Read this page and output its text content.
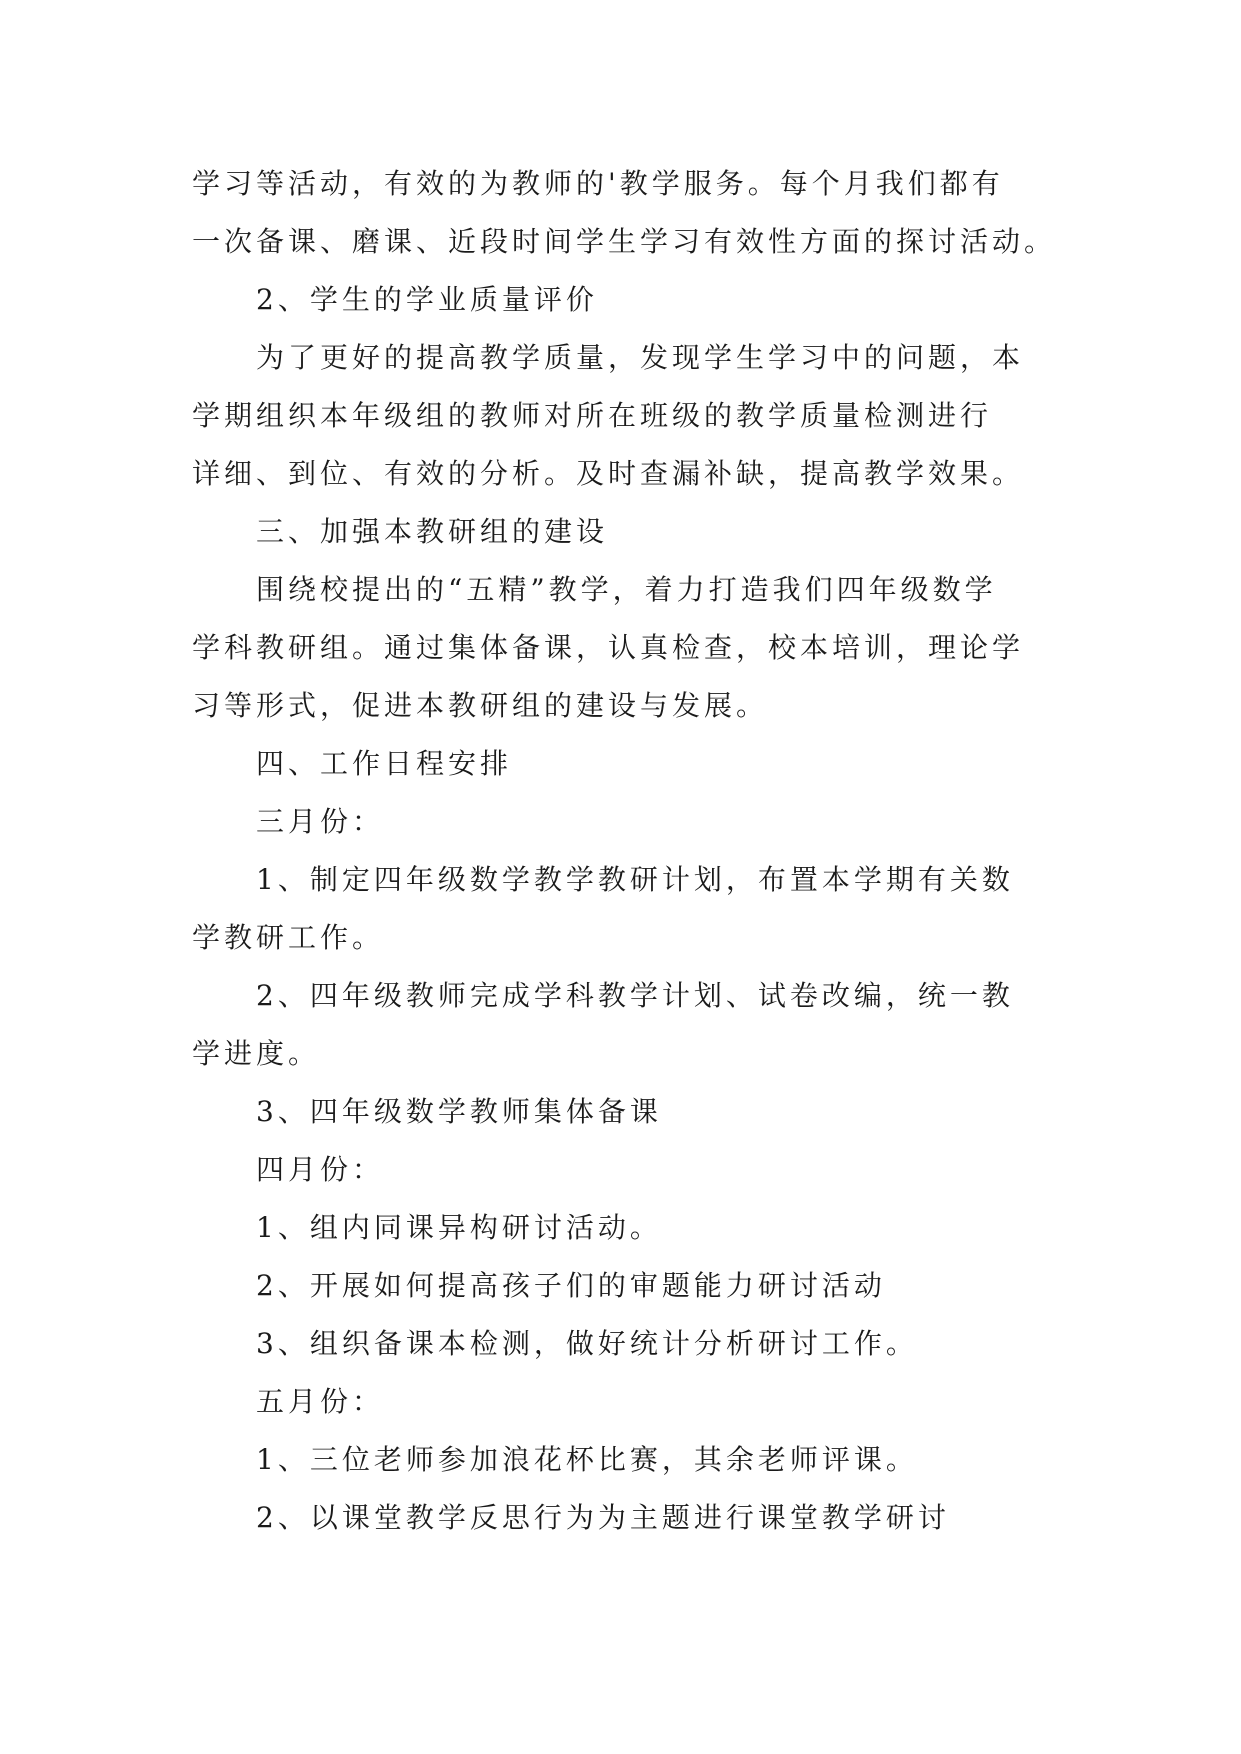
学习等活动，有效的为教师的'教学服务。每个月我们都有
一次备课、磨课、近段时间学生学习有效性方面的探讨活动。
2、学生的学业质量评价
为了更好的提高教学质量，发现学生学习中的问题，本
学期组织本年级组的教师对所在班级的教学质量检测进行
详细、到位、有效的分析。及时查漏补缺，提高教学效果。
三、加强本教研组的建设
围绕校提出的“五精”教学，着力打造我们四年级数学
学科教研组。通过集体备课，认真检查，校本培训，理论学
习等形式，促进本教研组的建设与发展。
四、工作日程安排
三月份：
1、制定四年级数学教学教研计划，布置本学期有关数
学教研工作。
2、四年级教师完成学科教学计划、试卷改编，统一教
学进度。
3、四年级数学教师集体备课
四月份：
1、组内同课异构研讨活动。
2、开展如何提高孩子们的审题能力研讨活动
3、组织备课本检测，做好统计分析研讨工作。
五月份：
1、三位老师参加浪花杯比赛，其余老师评课。
2、以课堂教学反思行为为主题进行课堂教学研讨
